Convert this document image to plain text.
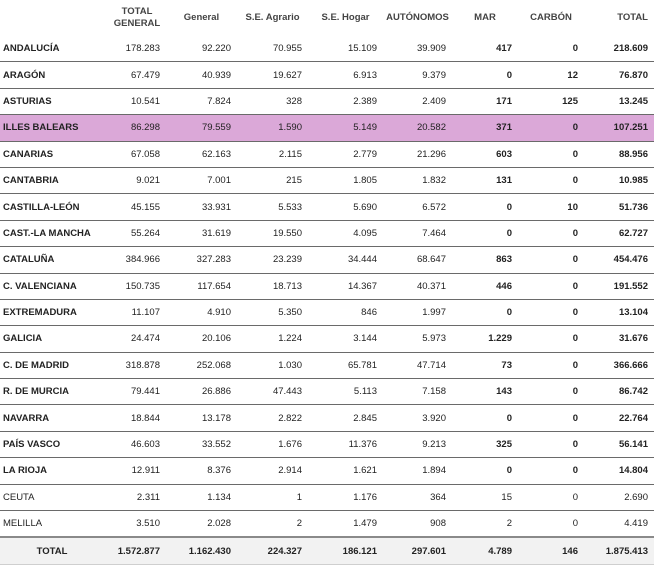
	TOTAL GENERAL	General	S.E. Agrario	S.E. Hogar	AUTÓNOMOS	MAR	CARBÓN	TOTAL
ANDALUCÍA	178.283	92.220	70.955	15.109	39.909	417	0	218.609
ARAGÓN	67.479	40.939	19.627	6.913	9.379	0	12	76.870
ASTURIAS	10.541	7.824	328	2.389	2.409	171	125	13.245
ILLES BALEARS	86.298	79.559	1.590	5.149	20.582	371	0	107.251
CANARIAS	67.058	62.163	2.115	2.779	21.296	603	0	88.956
CANTABRIA	9.021	7.001	215	1.805	1.832	131	0	10.985
CASTILLA-LEÓN	45.155	33.931	5.533	5.690	6.572	0	10	51.736
CAST.-LA MANCHA	55.264	31.619	19.550	4.095	7.464	0	0	62.727
CATALUÑA	384.966	327.283	23.239	34.444	68.647	863	0	454.476
C. VALENCIANA	150.735	117.654	18.713	14.367	40.371	446	0	191.552
EXTREMADURA	11.107	4.910	5.350	846	1.997	0	0	13.104
GALICIA	24.474	20.106	1.224	3.144	5.973	1.229	0	31.676
C. DE MADRID	318.878	252.068	1.030	65.781	47.714	73	0	366.666
R. DE MURCIA	79.441	26.886	47.443	5.113	7.158	143	0	86.742
NAVARRA	18.844	13.178	2.822	2.845	3.920	0	0	22.764
PAÍS VASCO	46.603	33.552	1.676	11.376	9.213	325	0	56.141
LA RIOJA	12.911	8.376	2.914	1.621	1.894	0	0	14.804
CEUTA	2.311	1.134	1	1.176	364	15	0	2.690
MELILLA	3.510	2.028	2	1.479	908	2	0	4.419
TOTAL	1.572.877	1.162.430	224.327	186.121	297.601	4.789	146	1.875.413
